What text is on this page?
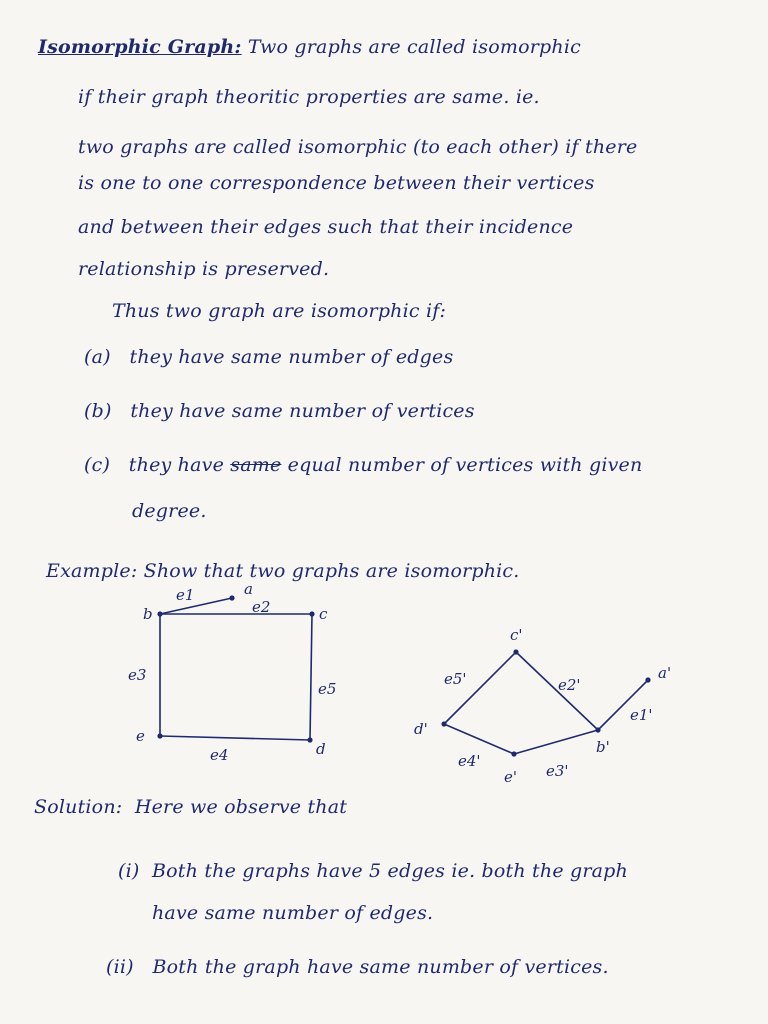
Isomorphic Graph: Two graphs are called isomorphic
if their graph theoritic properties are same. ie.
two graphs are called isomorphic (to each other) if there
is one to one correspondence between their vertices
and between their edges such that their incidence
relationship is preserved.
Thus two graph are isomorphic if:
(a) they have same number of edges
(b) they have same number of vertices
(c) they have same equal number of vertices with given
degree.
Example: Show that two graphs are isomorphic.
a
b	c
d
e
e1
e2
e3
e4
e5
a'
b'
c'
d'
e'
e1'
e2'
e3'
e4'
e5'
Solution: Here we observe that
(i) Both the graphs have 5 edges ie. both the graph
have same number of edges.
(ii) Both the graph have same number of vertices.
